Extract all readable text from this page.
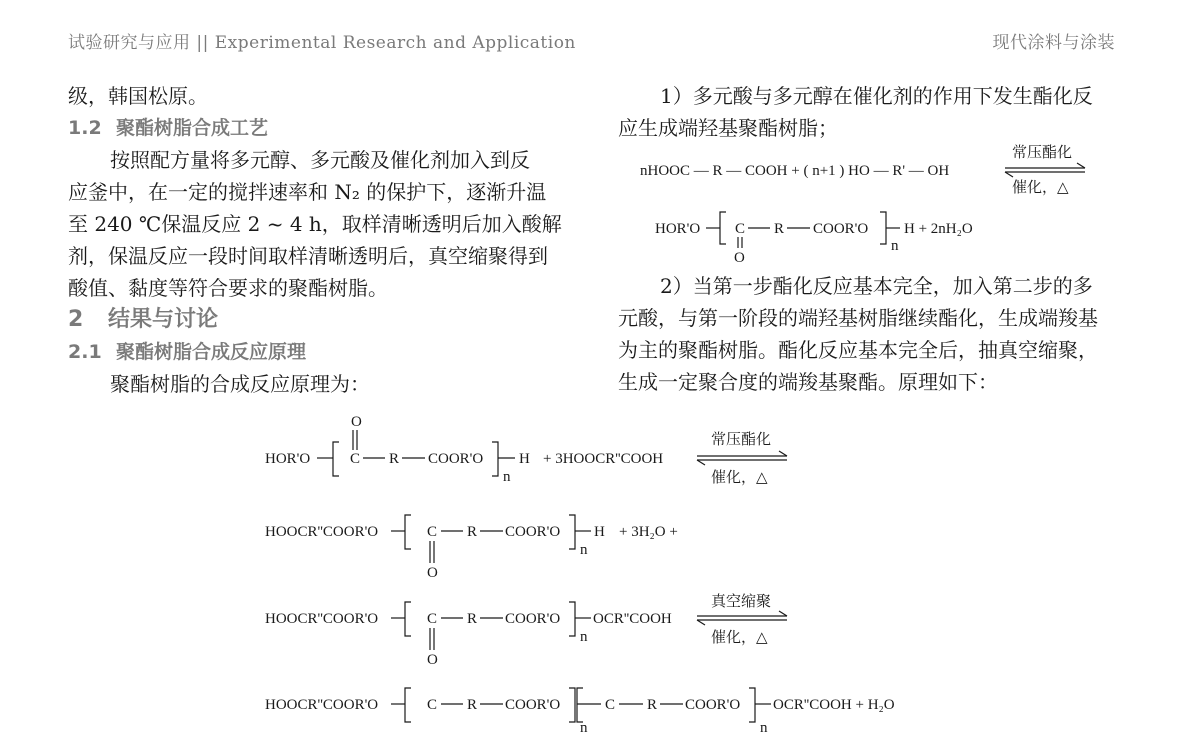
试验研究与应用 || Experimental Research and Application	现代涂料与涂装

级，韩国松原。

1.2 聚酯树脂合成工艺

按照配方量将多元醇、多元酸及催化剂加入到反
应釜中，在一定的搅拌速率和 N₂ 的保护下，逐渐升温
至 240 ℃保温反应 2 ~ 4 h，取样清晰透明后加入酸解
剂，保温反应一段时间取样清晰透明后，真空缩聚得到
酸值、黏度等符合要求的聚酯树脂。

2 结果与讨论

2.1 聚酯树脂合成反应原理

聚酯树脂的合成反应原理为：

1）多元酸与多元醇在催化剂的作用下发生酯化反
应生成端羟基聚酯树脂；

2）当第一步酯化反应基本完全，加入第二步的多
元酸，与第一阶段的端羟基树脂继续酯化，生成端羧基
为主的聚酯树脂。酯化反应基本完全后，抽真空缩聚，
生成一定聚合度的端羧基聚酯。原理如下：

nHOOC — R — COOH + ( n+1 ) HO — R' — OH
常压酯化
催化，△
HOR'O C
O
R COOR'O
n
H + 2nH₂O
O
HOR'O	C R COOR'O
n
H + 3HOOCR''COOH
常压酯化
催化，△
HOOCR''COOR'O	C
O
R COOR'O
n
H + 3H₂O +
HOOCR''COOR'O	C
O
R COOR'O
n
OCR''COOH
真空缩聚
催化，△
HOOCR''COOR'O	C R COOR'O
n
C R COOR'O
n
OCR''COOH + H₂O
